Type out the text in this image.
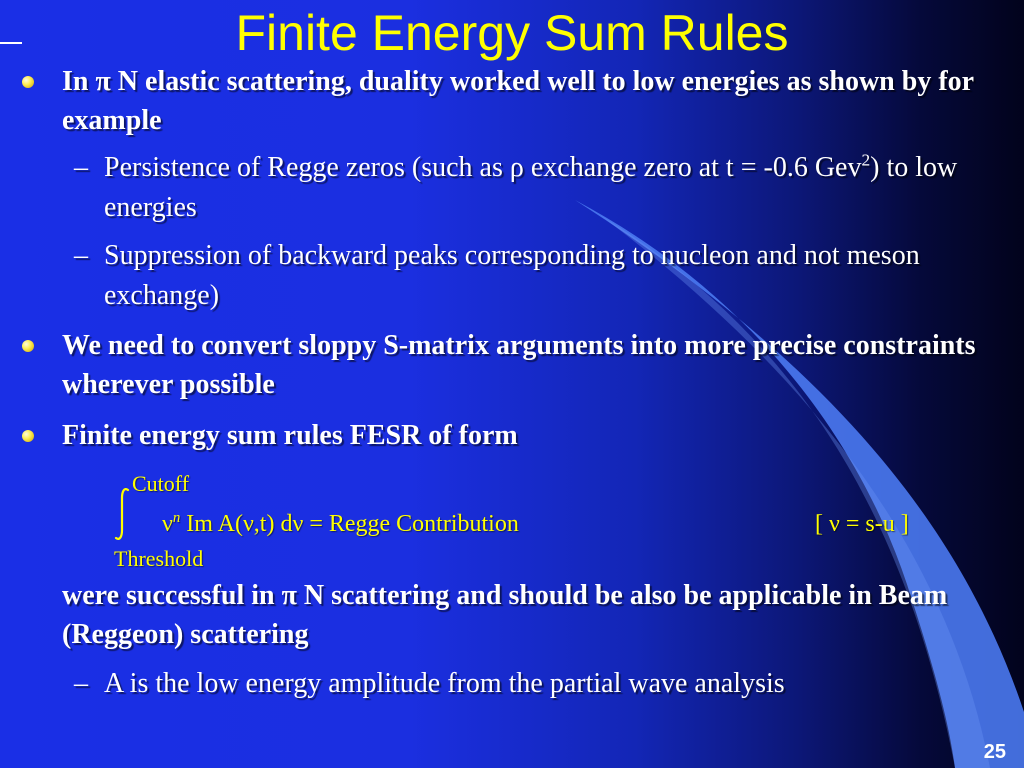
Finite Energy Sum Rules

In π N elastic scattering, duality worked well to low energies as shown by for example

– Persistence of Regge zeros (such as ρ exchange zero at t = -0.6 Gev$^2$) to low energies

– Suppression of backward peaks corresponding to nucleon and not meson exchange)

We need to convert sloppy S-matrix arguments into more precise constraints wherever possible

Finite energy sum rules FESR of form

Cutoff
Threshold
$\nu^n$ Im A(ν,t) dν = Regge Contribution	[ ν = s-u ]

were successful in π N scattering and should be also be applicable in Beam (Reggeon) scattering

– A is the low energy amplitude from the partial wave analysis

25
